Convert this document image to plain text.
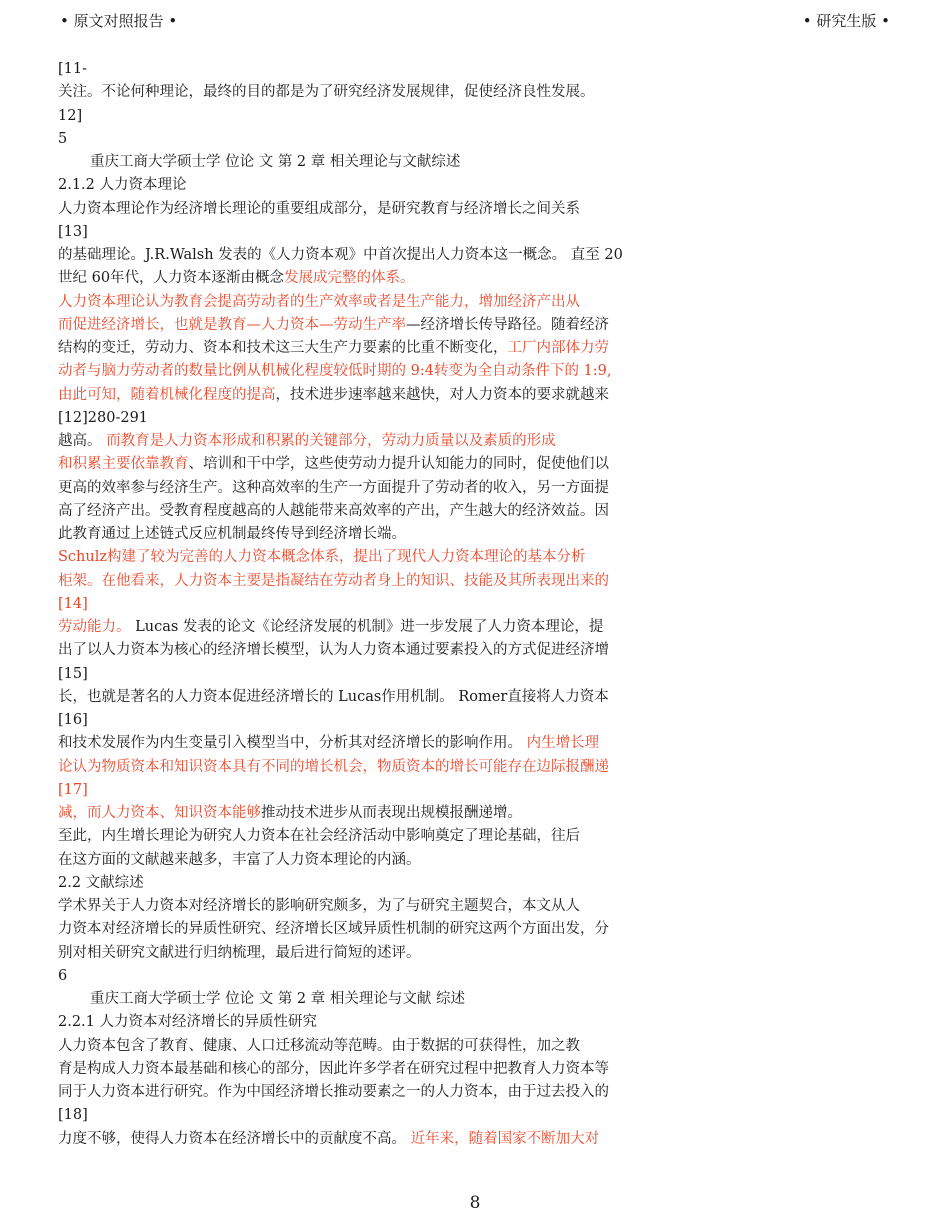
• 原文对照报告 •	• 研究生版 •
[11-
关注。不论何种理论，最终的目的都是为了研究经济发展规律，促使经济良性发展。
12]
5
重庆工商大学硕士学 位论 文 第 2 章 相关理论与文献综述
2.1.2 人力资本理论
人力资本理论作为经济增长理论的重要组成部分，是研究教育与经济增长之间关系
[13]
的基础理论。J.R.Walsh 发表的《人力资本观》中首次提出人力资本这一概念。 直至 20
世纪 60年代，人力资本逐渐由概念发展成完整的体系。
人力资本理论认为教育会提高劳动者的生产效率或者是生产能力，增加经济产出从
而促进经济增长，也就是教育—人力资本—劳动生产率—经济增长传导路径。随着经济
结构的变迁，劳动力、资本和技术这三大生产力要素的比重不断变化，工厂内部体力劳
动者与脑力劳动者的数量比例从机械化程度较低时期的 9:4转变为全自动条件下的 1:9,
由此可知，随着机械化程度的提高，技术进步速率越来越快，对人力资本的要求就越来
[12]280-291
越高。 而教育是人力资本形成和积累的关键部分，劳动力质量以及素质的形成
和积累主要依靠教育、培训和干中学，这些使劳动力提升认知能力的同时，促使他们以
更高的效率参与经济生产。这种高效率的生产一方面提升了劳动者的收入，另一方面提
高了经济产出。受教育程度越高的人越能带来高效率的产出，产生越大的经济效益。因
此教育通过上述链式反应机制最终传导到经济增长端。
Schulz构建了较为完善的人力资本概念体系，提出了现代人力资本理论的基本分析
柜架。在他看来，人力资本主要是指凝结在劳动者身上的知识、技能及其所表现出来的
[14]
劳动能力。 Lucas 发表的论文《论经济发展的机制》进一步发展了人力资本理论，提
出了以人力资本为核心的经济增长模型，认为人力资本通过要素投入的方式促进经济增
[15]
长，也就是著名的人力资本促进经济增长的 Lucas作用机制。 Romer直接将人力资本
[16]
和技术发展作为内生变量引入模型当中，分析其对经济增长的影响作用。 内生增长理
论认为物质资本和知识资本具有不同的增长机会，物质资本的增长可能存在边际报酬递
[17]
减，而人力资本、知识资本能够推动技术进步从而表现出规模报酬递增。
至此，内生增长理论为研究人力资本在社会经济活动中影响奠定了理论基础，往后
在这方面的文献越来越多，丰富了人力资本理论的内涵。
2.2 文献综述
学术界关于人力资本对经济增长的影响研究颇多，为了与研究主题契合，本文从人
力资本对经济增长的异质性研究、经济增长区域异质性机制的研究这两个方面出发，分
别对相关研究文献进行归纳梳理，最后进行简短的述评。
6
重庆工商大学硕士学 位论 文 第 2 章 相关理论与文献 综述
2.2.1 人力资本对经济增长的异质性研究
人力资本包含了教育、健康、人口迁移流动等范畴。由于数据的可获得性，加之教
育是构成人力资本最基础和核心的部分，因此许多学者在研究过程中把教育人力资本等
同于人力资本进行研究。作为中国经济增长推动要素之一的人力资本，由于过去投入的
[18]
力度不够，使得人力资本在经济增长中的贡献度不高。 近年来，随着国家不断加大对
8
